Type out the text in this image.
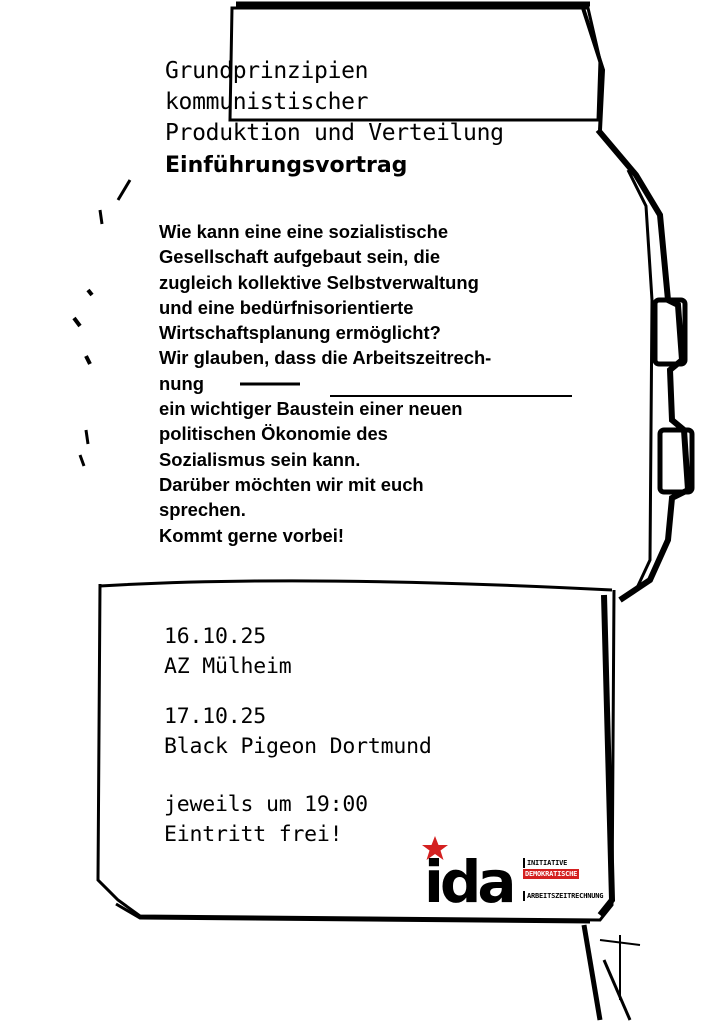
Grundprinzipien
kommunistischer
Produktion und Verteilung
Einführungsvortrag
Wie kann eine eine sozialistische
Gesellschaft aufgebaut sein, die
zugleich kollektive Selbstverwaltung
und eine bedürfnisorientierte
Wirtschaftsplanung ermöglicht?
Wir glauben, dass die Arbeitszeitrech-
nung
ein wichtiger Baustein einer neuen
politischen Ökonomie des
Sozialismus sein kann.
Darüber möchten wir mit euch
sprechen.
Kommt gerne vorbei!
16.10.25
AZ Mülheim
17.10.25
Black Pigeon Dortmund
jeweils um 19:00
Eintritt frei!
ida	INITIATIVE
DEMOKRATISCHE
ARBEITSZEITRECHNUNG
